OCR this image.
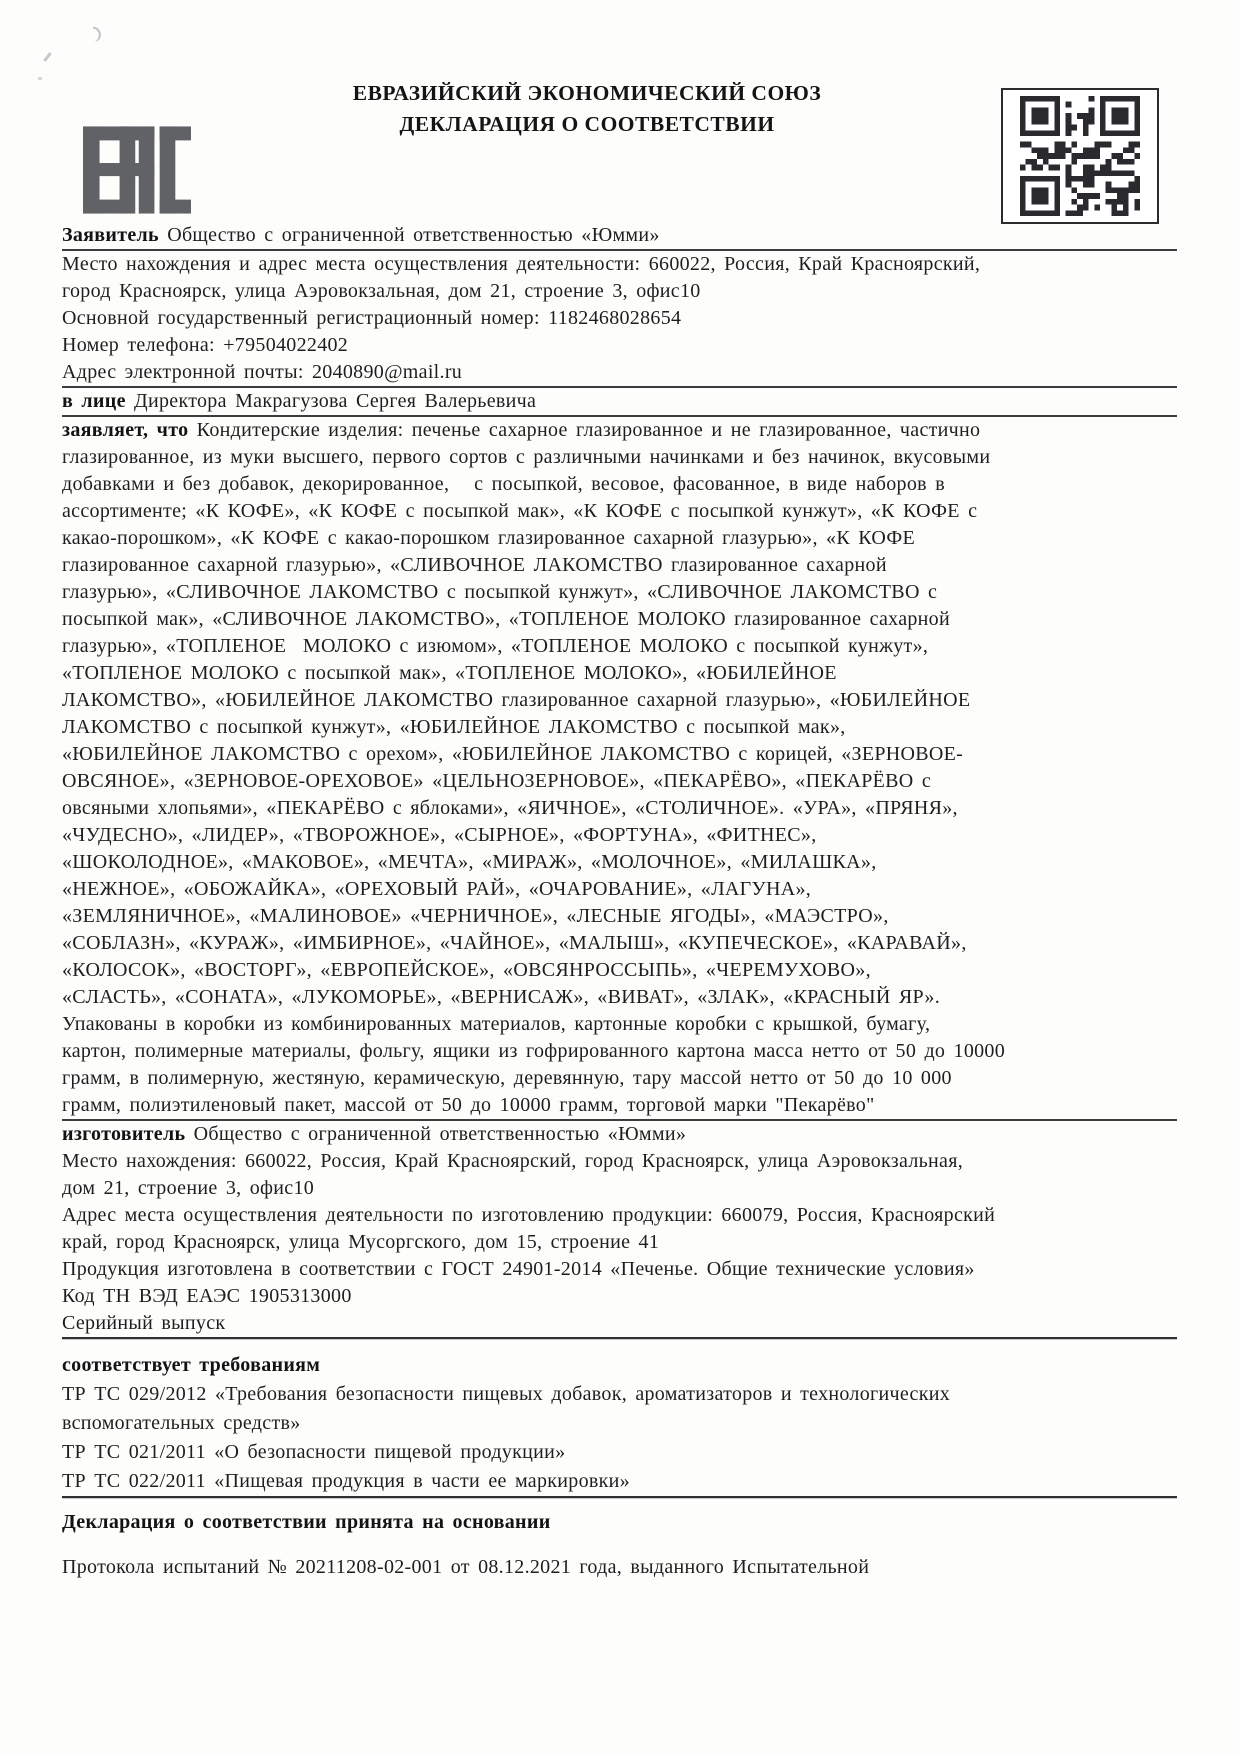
ЕВРАЗИЙСКИЙ ЭКОНОМИЧЕСКИЙ СОЮЗ
ДЕКЛАРАЦИЯ О СООТВЕТСТВИИ
Заявитель Общество с ограниченной ответственностью «Юмми»
Место нахождения и адрес места осуществления деятельности: 660022, Россия, Край Красноярский,
город Красноярск, улица Аэровокзальная, дом 21, строение 3, офис10
Основной государственный регистрационный номер: 1182468028654
Номер телефона: +79504022402
Адрес электронной почты: 2040890@mail.ru
в лице Директора Макрагузова Сергея Валерьевича
заявляет, что Кондитерские изделия: печенье сахарное глазированное и не глазированное, частично
глазированное, из муки высшего, первого сортов с различными начинками и без начинок, вкусовыми
добавками и без добавок, декорированное,   с посыпкой, весовое, фасованное, в виде наборов в
ассортименте; «К КОФЕ», «К КОФЕ с посыпкой мак», «К КОФЕ с посыпкой кунжут», «К КОФЕ с
какао-порошком», «К КОФЕ с какао-порошком глазированное сахарной глазурью», «К КОФЕ
глазированное сахарной глазурью», «СЛИВОЧНОЕ ЛАКОМСТВО глазированное сахарной
глазурью», «СЛИВОЧНОЕ ЛАКОМСТВО с посыпкой кунжут», «СЛИВОЧНОЕ ЛАКОМСТВО с
посыпкой мак», «СЛИВОЧНОЕ ЛАКОМСТВО», «ТОПЛЕНОЕ МОЛОКО глазированное сахарной
глазурью», «ТОПЛЕНОЕ  МОЛОКО с изюмом», «ТОПЛЕНОЕ МОЛОКО с посыпкой кунжут»,
«ТОПЛЕНОЕ МОЛОКО с посыпкой мак», «ТОПЛЕНОЕ МОЛОКО», «ЮБИЛЕЙНОЕ
ЛАКОМСТВО», «ЮБИЛЕЙНОЕ ЛАКОМСТВО глазированное сахарной глазурью», «ЮБИЛЕЙНОЕ
ЛАКОМСТВО с посыпкой кунжут», «ЮБИЛЕЙНОЕ ЛАКОМСТВО с посыпкой мак»,
«ЮБИЛЕЙНОЕ ЛАКОМСТВО с орехом», «ЮБИЛЕЙНОЕ ЛАКОМСТВО с корицей, «ЗЕРНОВОЕ-
ОВСЯНОЕ», «ЗЕРНОВОЕ-ОРЕХОВОЕ» «ЦЕЛЬНОЗЕРНОВОЕ», «ПЕКАРЁВО», «ПЕКАРЁВО с
овсяными хлопьями», «ПЕКАРЁВО с яблоками», «ЯИЧНОЕ», «СТОЛИЧНОЕ». «УРА», «ПРЯНЯ»,
«ЧУДЕСНО», «ЛИДЕР», «ТВОРОЖНОЕ», «СЫРНОЕ», «ФОРТУНА», «ФИТНЕС»,
«ШОКОЛОДНОЕ», «МАКОВОЕ», «МЕЧТА», «МИРАЖ», «МОЛОЧНОЕ», «МИЛАШКА»,
«НЕЖНОЕ», «ОБОЖАЙКА», «ОРЕХОВЫЙ РАЙ», «ОЧАРОВАНИЕ», «ЛАГУНА»,
«ЗЕМЛЯНИЧНОЕ», «МАЛИНОВОЕ» «ЧЕРНИЧНОЕ», «ЛЕСНЫЕ ЯГОДЫ», «МАЭСТРО»,
«СОБЛАЗН», «КУРАЖ», «ИМБИРНОЕ», «ЧАЙНОЕ», «МАЛЫШ», «КУПЕЧЕСКОЕ», «КАРАВАЙ»,
«КОЛОСОК», «ВОСТОРГ», «ЕВРОПЕЙСКОЕ», «ОВСЯНРОССЫПЬ», «ЧЕРЕМУХОВО»,
«СЛАСТЬ», «СОНАТА», «ЛУКОМОРЬЕ», «ВЕРНИСАЖ», «ВИВАТ», «ЗЛАК», «КРАСНЫЙ ЯР».
Упакованы в коробки из комбинированных материалов, картонные коробки с крышкой, бумагу,
картон, полимерные материалы, фольгу, ящики из гофрированного картона масса нетто от 50 до 10000
грамм, в полимерную, жестяную, керамическую, деревянную, тару массой нетто от 50 до 10 000
грамм, полиэтиленовый пакет, массой от 50 до 10000 грамм, торговой марки "Пекарёво"
изготовитель Общество с ограниченной ответственностью «Юмми»
Место нахождения: 660022, Россия, Край Красноярский, город Красноярск, улица Аэровокзальная,
дом 21, строение 3, офис10
Адрес места осуществления деятельности по изготовлению продукции: 660079, Россия, Красноярский
край, город Красноярск, улица Мусоргского, дом 15, строение 41
Продукция изготовлена в соответствии с ГОСТ 24901-2014 «Печенье. Общие технические условия»
Код ТН ВЭД ЕАЭС 1905313000
Серийный выпуск
соответствует требованиям
ТР ТС 029/2012 «Требования безопасности пищевых добавок, ароматизаторов и технологических
вспомогательных средств»
ТР ТС 021/2011 «О безопасности пищевой продукции»
ТР ТС 022/2011 «Пищевая продукция в части ее маркировки»
Декларация о соответствии принята на основании
Протокола испытаний № 20211208-02-001 от 08.12.2021 года, выданного Испытательной
